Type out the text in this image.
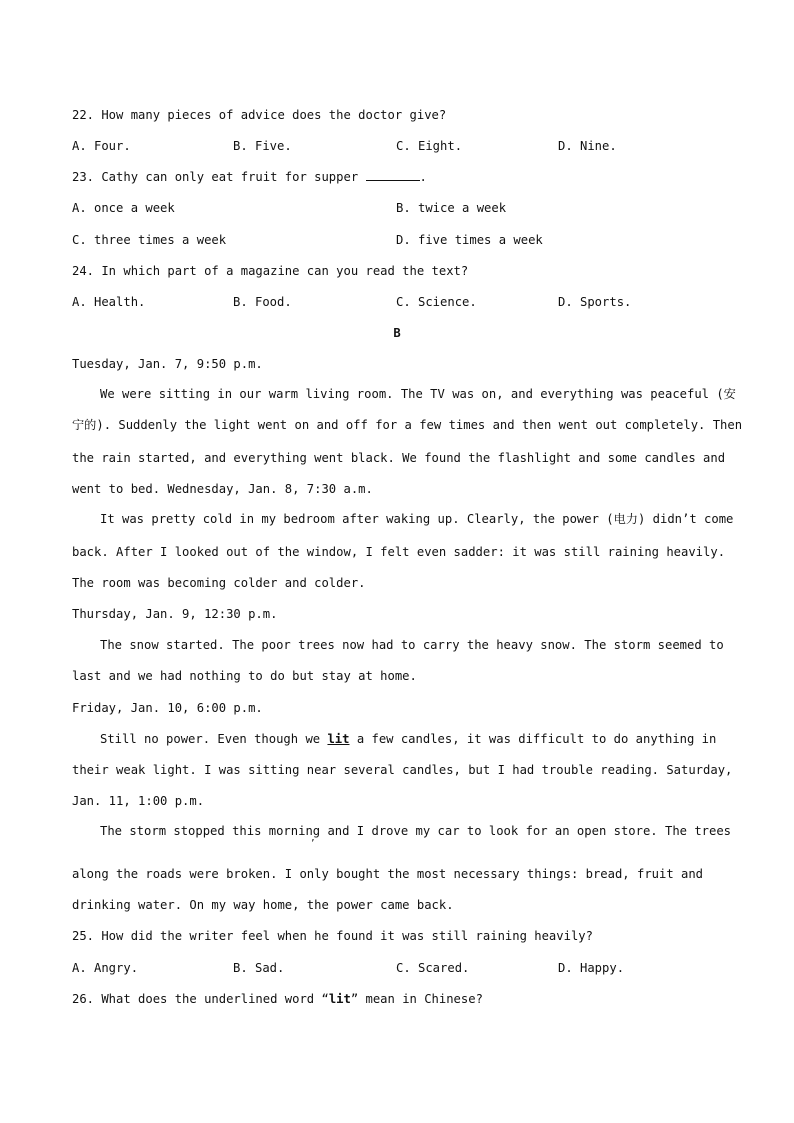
22. How many pieces of advice does the doctor give?
A. Four.	B. Five.	C. Eight.	D. Nine.
23. Cathy can only eat fruit for supper	.
A. once a week	B. twice a week
C. three times a week	D. five times a week
24. In which part of a magazine can you read the text?
A. Health.	B. Food.	C. Science.	D. Sports.
B
Tuesday, Jan. 7, 9:50 p.m.
We were sitting in our warm living room. The TV was on, and everything was peaceful (安
宁的). Suddenly the light went on and off for a few times and then went out completely. Then
the rain started, and everything went black. We found the flashlight and some candles and
went to bed. Wednesday, Jan. 8, 7:30 a.m.
It was pretty cold in my bedroom after waking up. Clearly, the power (电力) didn’t come
back. After I looked out of the window, I felt even sadder: it was still raining heavily.
The room was becoming colder and colder.
Thursday, Jan. 9, 12:30 p.m.
The snow started. The poor trees now had to carry the heavy snow. The storm seemed to
last and we had nothing to do but stay at home.
Friday, Jan. 10, 6:00 p.m.
Still no power. Even though we lit a few candles, it was difficult to do anything in
their weak light. I was sitting near several candles, but I had trouble reading. Saturday,
Jan. 11, 1:00 p.m.
The storm stopped this morning and I drove my car to look for an open store. The trees
’
along the roads were broken. I only bought the most necessary things: bread, fruit and
drinking water. On my way home, the power came back.
25. How did the writer feel when he found it was still raining heavily?
A. Angry.	B. Sad.	C. Scared.	D. Happy.
26. What does the underlined word “lit” mean in Chinese?
